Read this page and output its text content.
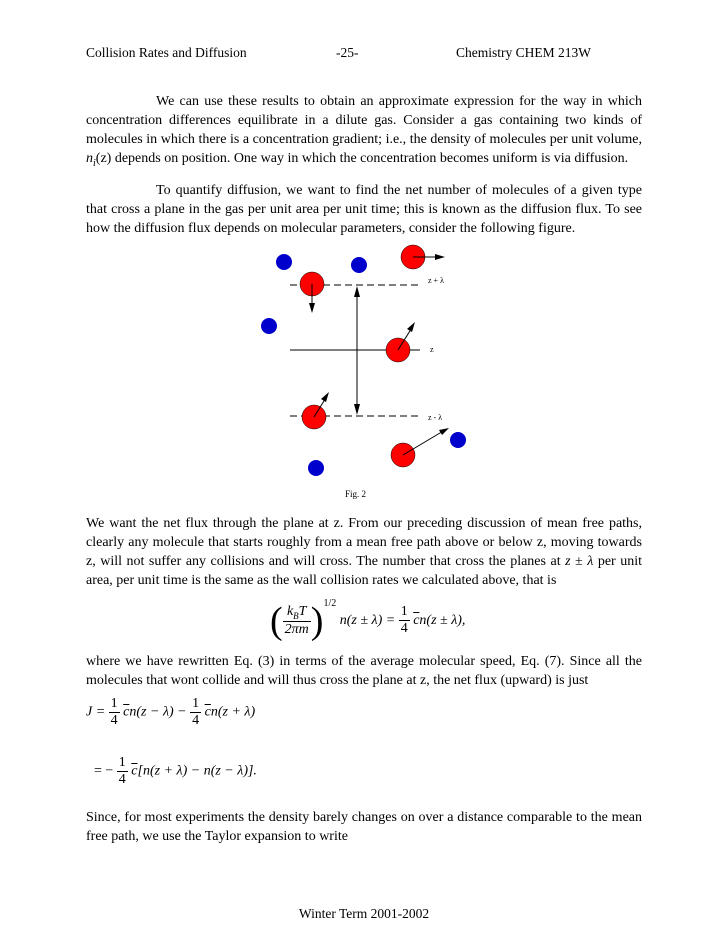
Collision Rates and Diffusion	-25-	Chemistry CHEM 213W

We can use these results to obtain an approximate expression for the way in which concentration differences equilibrate in a dilute gas. Consider a gas containing two kinds of molecules in which there is a concentration gradient; i.e., the density of molecules per unit volume, $n_i(z)$ depends on position. One way in which the concentration becomes uniform is via diffusion.

To quantify diffusion, we want to find the net number of molecules of a given type that cross a plane in the gas per unit area per unit time; this is known as the diffusion flux. To see how the diffusion flux depends on molecular parameters, consider the following figure.

z + λ
z
z - λ
Fig. 2

We want the net flux through the plane at z. From our preceding discussion of mean free paths, clearly any molecule that starts roughly from a mean free path above or below z, moving towards z, will not suffer any collisions and will cross. The number that cross the planes at z ± λ per unit area, per unit time is the same as the wall collision rates we calculated above, that is

( $\frac{k_BT}{2\pi m} )^{1/2}$ $n(z \pm \lambda) = \frac{1}{4} \overline{c}n(z \pm \lambda)$,

where we have rewritten Eq. (3) in terms of the average molecular speed, Eq. (7). Since all the molecules that wont collide and will thus cross the plane at z, the net flux (upward) is just

$J = \frac{1}{4} \overline{c}n(z - \lambda) - \frac{1}{4} \overline{c}n(z + \lambda)$
= − $\frac{1}{4} \overline{c}[n(z + \lambda) - n(z - \lambda)]$.

Since, for most experiments the density barely changes on over a distance comparable to the mean free path, we use the Taylor expansion to write

Winter Term 2001-2002
